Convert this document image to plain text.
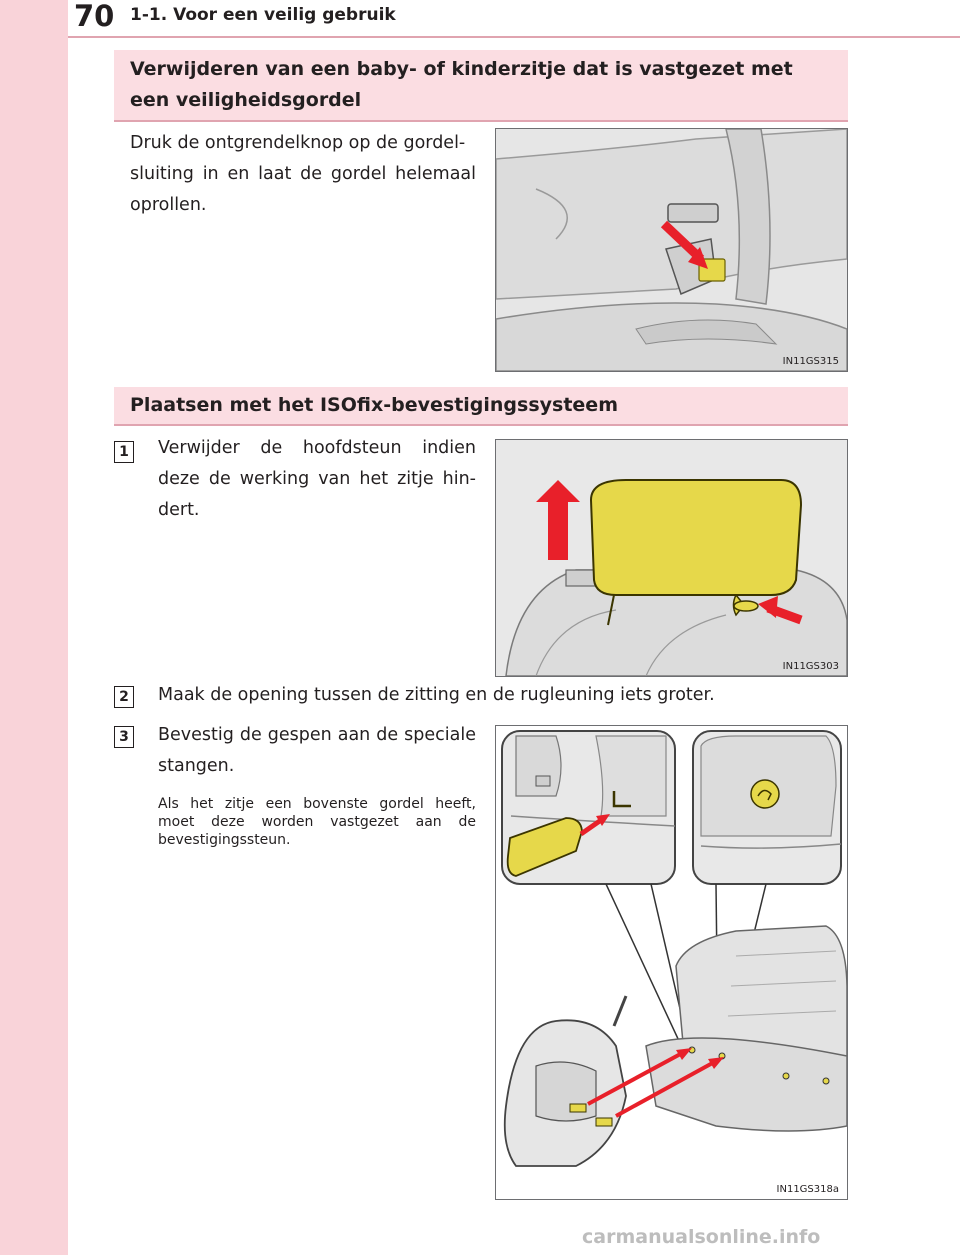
70 1-1. Voor een veilig gebruik
Verwijderen van een baby- of kinderzitje dat is vastgezet met
een veiligheidsgordel
Druk de ontgrendelknop op de gordel-
sluiting in en laat de gordel helemaal
oprollen.
IN11GS315
Plaatsen met het ISOfix-bevestigingssysteem
1 Verwijder de hoofdsteun indien
deze de werking van het zitje hin-
dert.
IN11GS303
2 Maak de opening tussen de zitting en de rugleuning iets groter.
3 Bevestig de gespen aan de speciale
stangen.
Als het zitje een bovenste gordel heeft,
moet deze worden vastgezet aan de
bevestigingssteun.
IN11GS318a
carmanualsonline.info
